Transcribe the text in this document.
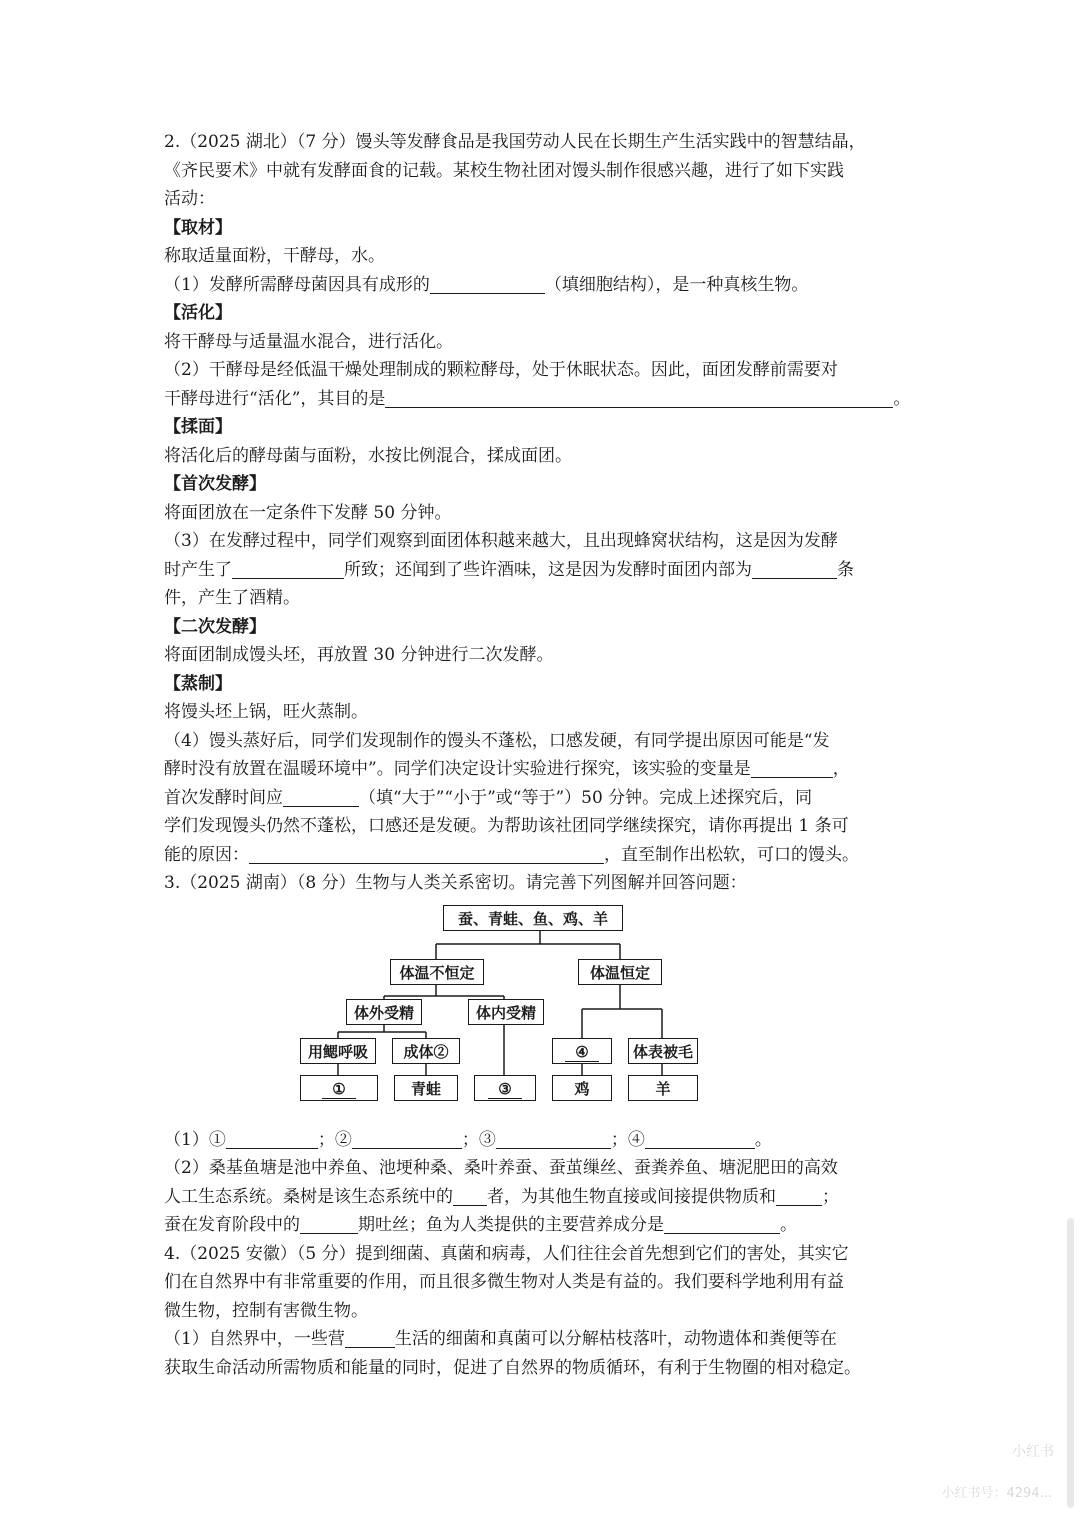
2.（2025 湖北）（7 分）馒头等发酵食品是我国劳动人民在长期生产生活实践中的智慧结晶，
《齐民要术》中就有发酵面食的记载。某校生物社团对馒头制作很感兴趣，进行了如下实践
活动：
【取材】
称取适量面粉，干酵母，水。
（1）发酵所需酵母菌因具有成形的	（填细胞结构），是一种真核生物。
【活化】
将干酵母与适量温水混合，进行活化。
（2）干酵母是经低温干燥处理制成的颗粒酵母，处于休眠状态。因此，面团发酵前需要对
干酵母进行“活化”，其目的是	。
【揉面】
将活化后的酵母菌与面粉，水按比例混合，揉成面团。
【首次发酵】
将面团放在一定条件下发酵 50 分钟。
（3）在发酵过程中，同学们观察到面团体积越来越大，且出现蜂窝状结构，这是因为发酵
时产生了	所致；还闻到了些许酒味，这是因为发酵时面团内部为	条
件，产生了酒精。
【二次发酵】
将面团制成馒头坯，再放置 30 分钟进行二次发酵。
【蒸制】
将馒头坯上锅，旺火蒸制。
（4）馒头蒸好后，同学们发现制作的馒头不蓬松，口感发硬，有同学提出原因可能是“发
酵时没有放置在温暖环境中”。同学们决定设计实验进行探究，该实验的变量是	，
首次发酵时间应	（填“大于”“小于”或“等于”）50 分钟。完成上述探究后，同
学们发现馒头仍然不蓬松，口感还是发硬。为帮助该社团同学继续探究，请你再提出 1 条可
能的原因：	，直至制作出松软，可口的馒头。
3.（2025 湖南）（8 分）生物与人类关系密切。请完善下列图解并回答问题：
蚕、青蛙、鱼、鸡、羊
体温不恒定	体温恒定
体外受精	体内受精
用鳃呼吸	成体②	④	体表被毛
①	青蛙	③	鸡	羊
（1）①	；②	；③	；④	。
（2）桑基鱼塘是池中养鱼、池埂种桑、桑叶养蚕、蚕茧缫丝、蚕粪养鱼、塘泥肥田的高效
人工生态系统。桑树是该生态系统中的 者，为其他生物直接或间接提供物质和	；
蚕在发育阶段中的	期吐丝；鱼为人类提供的主要营养成分是	。
4.（2025 安徽）（5 分）提到细菌、真菌和病毒，人们往往会首先想到它们的害处，其实它
们在自然界中有非常重要的作用，而且很多微生物对人类是有益的。我们要科学地利用有益
微生物，控制有害微生物。
（1）自然界中，一些营	生活的细菌和真菌可以分解枯枝落叶，动物遗体和粪便等在
获取生命活动所需物质和能量的同时，促进了自然界的物质循环，有利于生物圈的相对稳定。
小红书
小红书号：4294...
